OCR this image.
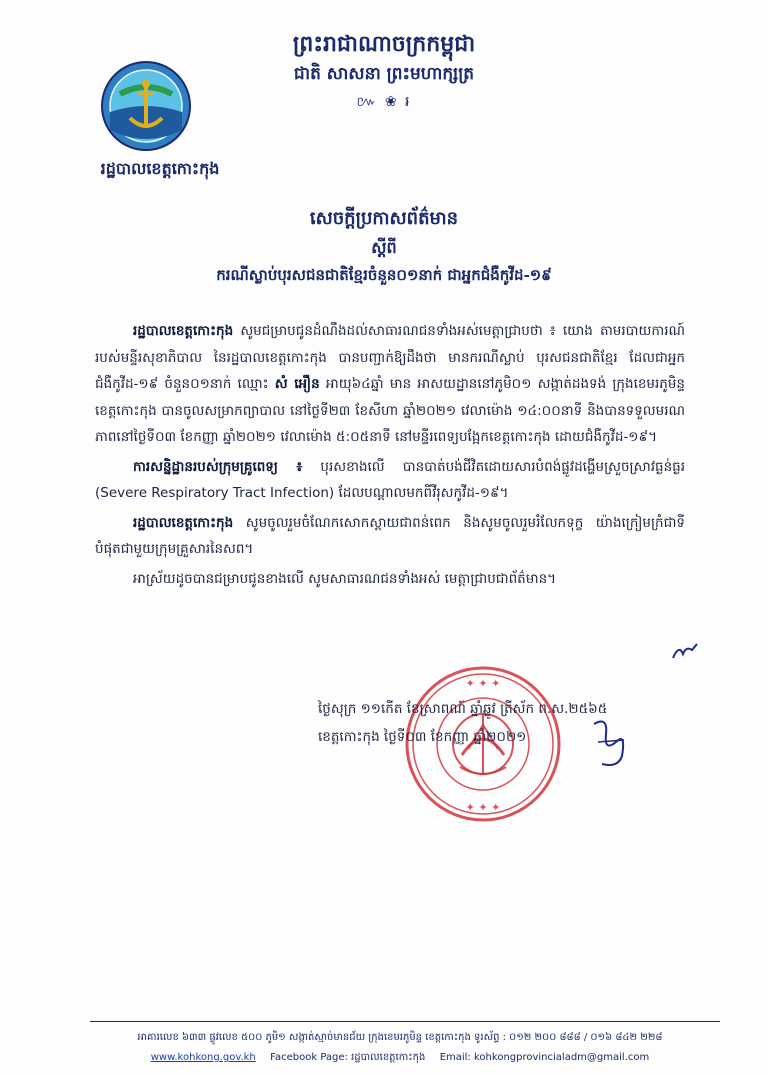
ព្រះរាជាណាចក្រកម្ពុជា
ជាតិ សាសនា ព្រះមហាក្សត្រ
៚ ❀ ៛
រដ្ឋបាលខេត្តកោះកុង
សេចក្តីប្រកាសព័ត៌មាន
ស្តីពី
ករណីស្លាប់បុរសជនជាតិខ្មែរចំនួន០១នាក់ ជាអ្នកជំងឺកូវីដ-១៩

រដ្ឋបាលខេត្តកោះកុង សូមជម្រាបជូនដំណឹងដល់សាធារណជនទាំងអស់មេត្តាជ្រាបថា ៖ យោង តាមរបាយការណ៍របស់មន្ទីរសុខាភិបាល នៃរដ្ឋបាលខេត្តកោះកុង បានបញ្ជាក់ឱ្យដឹងថា មានករណីស្លាប់ បុរសជនជាតិខ្មែរ ដែលជាអ្នកជំងឺកូវីដ-១៩ ចំនួន០១នាក់ ឈ្មោះ សំ អឿន អាយុ៦៤ឆ្នាំ មាន អាសយដ្ឋាននៅភូមិ០១ សង្កាត់ដងទង់ ក្រុងខេមរភូមិន្ទ ខេត្តកោះកុង បានចូលសម្រាកព្យាបាល នៅថ្ងៃទី២៣ ខែសីហា ឆ្នាំ២០២១ វេលាម៉ោង ១៤:០០នាទី និងបានទទួលមរណភាពនៅថ្ងៃទី០៣ ខែកញ្ញា ឆ្នាំ២០២១ វេលាម៉ោង ៥:០៥នាទី នៅមន្ទីរពេទ្យបង្អែកខេត្តកោះកុង ដោយជំងឺកូវីដ-១៩។

ការសន្និដ្ឋានរបស់ក្រុមគ្រូពេទ្យ ៖ បុរសខាងលើ បានបាត់បង់ជីវិតដោយសារបំពង់ផ្លូវដង្ហើមស្រួចស្រាវធ្ងន់ធ្ងរ (Severe Respiratory Tract Infection) ដែលបណ្តាលមកពីវីរុសកូវីដ-១៩។

រដ្ឋបាលខេត្តកោះកុង សូមចូលរួមចំណែកសោកស្តាយជាពន់ពេក និងសូមចូលរួមរំលែកទុក្ខ យ៉ាងក្រៀមក្រំជាទីបំផុតជាមួយក្រុមគ្រួសារនៃសព។

អាស្រ័យដូចបានជម្រាបជូនខាងលើ សូមសាធារណជនទាំងអស់ មេត្តាជ្រាបជាព័ត៌មាន។

✦ ✦ ✦
✦ ✦ ✦
ថ្ងៃសុក្រ ១១កេីត ខែស្រាពណ៍ ឆ្នាំឆ្លូវ ត្រីស័ក ព.ស.២៥៦៥
ខេត្តកោះកុង ថ្ងៃទី០៣ ខែកញ្ញា ឆ្នាំ២០២១
អាគារលេខ ៦៣៣ ផ្លូវលេខ ៥០០ ភូមិ១ សង្កាត់ស្មាច់មានជ័យ ក្រុងខេមរភូមិន្ទ ខេត្តកោះកុង ទូរស័ព្ទ : ០១២ ២០០ ៨៨៨ / ០១៦ ៨៤២ ២២៨
www.kohkong.gov.kh Facebook Page: រដ្ឋបាលខេត្តកោះកុង Email: kohkongprovincialadm@gmail.com
